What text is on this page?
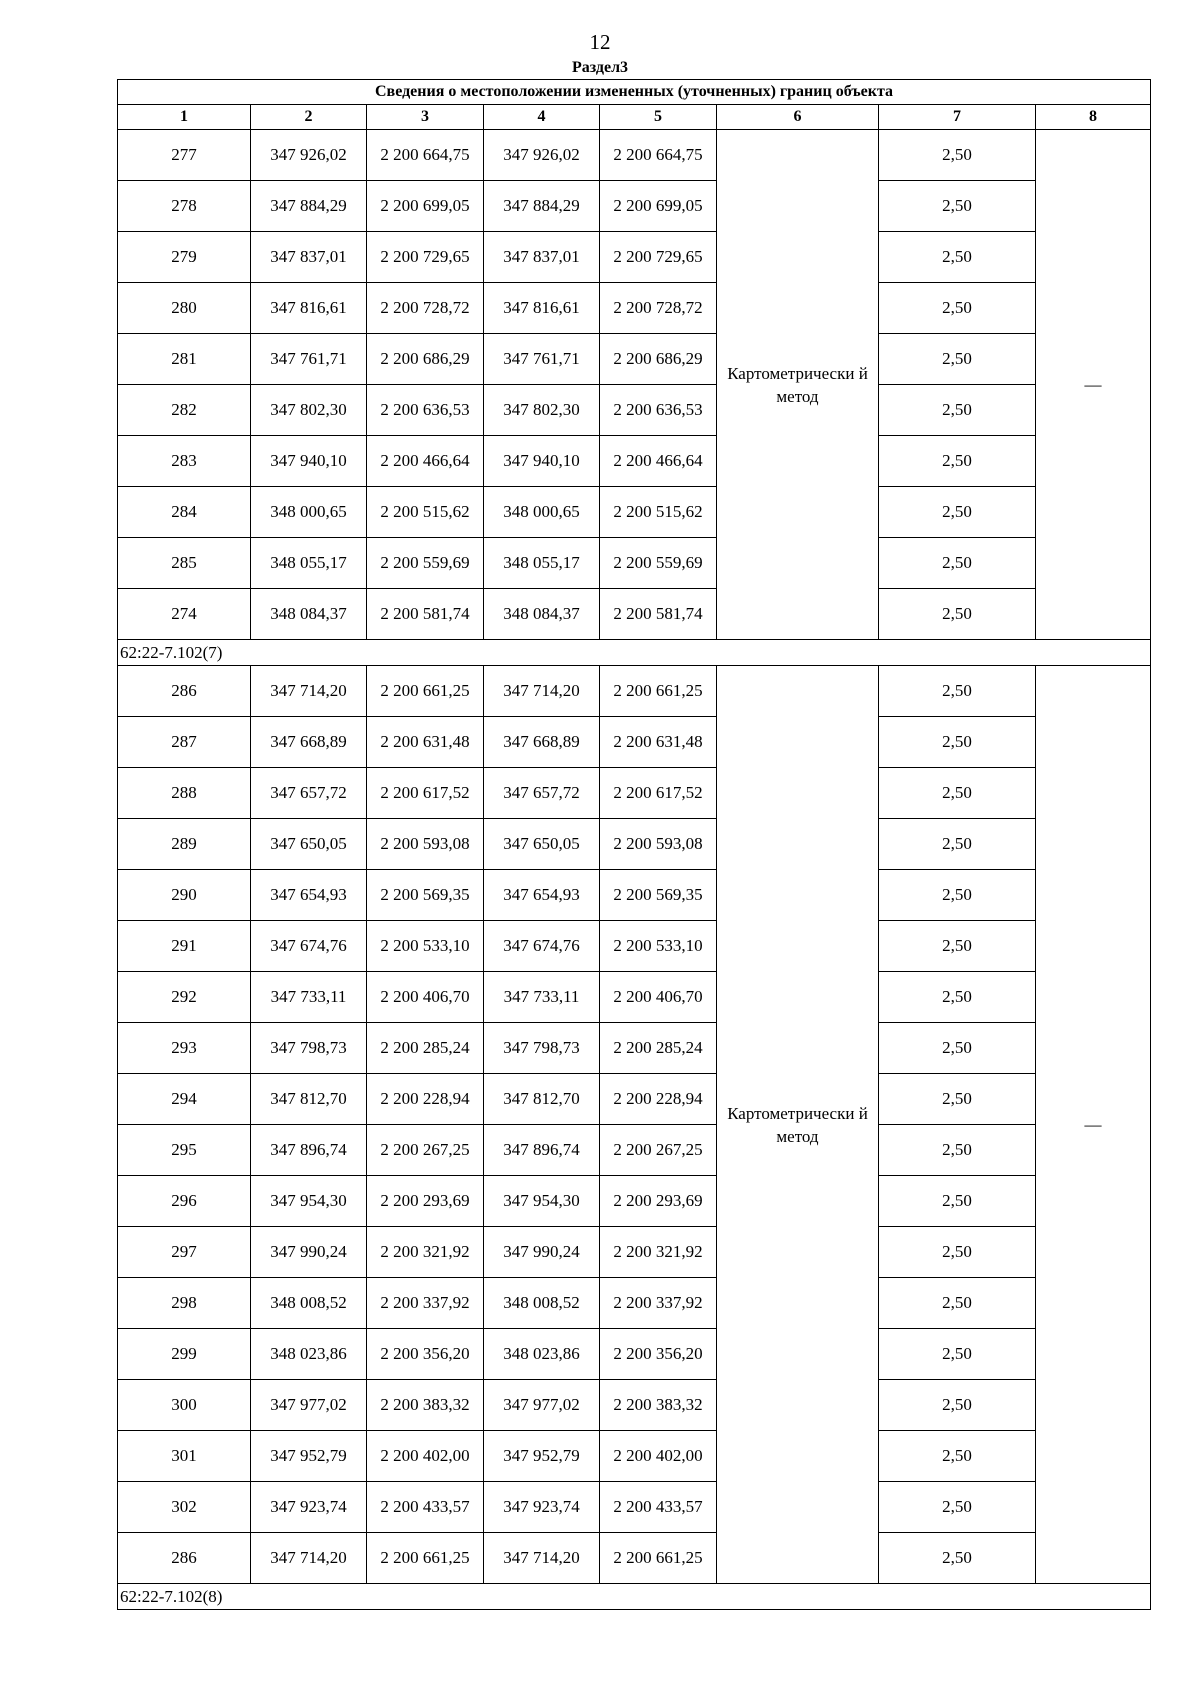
12
Раздел3
Сведения о местоположении измененных (уточненных) границ объекта							
1	2	3	4	5	6	7	8
277	347 926,02	2 200 664,75	347 926,02	2 200 664,75	Картометрически й метод	2,50	—
278	347 884,29	2 200 699,05	347 884,29	2 200 699,05		2,50	
279	347 837,01	2 200 729,65	347 837,01	2 200 729,65		2,50	
280	347 816,61	2 200 728,72	347 816,61	2 200 728,72		2,50	
281	347 761,71	2 200 686,29	347 761,71	2 200 686,29		2,50	
282	347 802,30	2 200 636,53	347 802,30	2 200 636,53		2,50	
283	347 940,10	2 200 466,64	347 940,10	2 200 466,64		2,50	
284	348 000,65	2 200 515,62	348 000,65	2 200 515,62		2,50	
285	348 055,17	2 200 559,69	348 055,17	2 200 559,69		2,50	
274	348 084,37	2 200 581,74	348 084,37	2 200 581,74		2,50	
62:22-7.102(7)							
286	347 714,20	2 200 661,25	347 714,20	2 200 661,25	Картометрически й метод	2,50	—
287	347 668,89	2 200 631,48	347 668,89	2 200 631,48		2,50	
288	347 657,72	2 200 617,52	347 657,72	2 200 617,52		2,50	
289	347 650,05	2 200 593,08	347 650,05	2 200 593,08		2,50	
290	347 654,93	2 200 569,35	347 654,93	2 200 569,35		2,50	
291	347 674,76	2 200 533,10	347 674,76	2 200 533,10		2,50	
292	347 733,11	2 200 406,70	347 733,11	2 200 406,70		2,50	
293	347 798,73	2 200 285,24	347 798,73	2 200 285,24		2,50	
294	347 812,70	2 200 228,94	347 812,70	2 200 228,94		2,50	
295	347 896,74	2 200 267,25	347 896,74	2 200 267,25		2,50	
296	347 954,30	2 200 293,69	347 954,30	2 200 293,69		2,50	
297	347 990,24	2 200 321,92	347 990,24	2 200 321,92		2,50	
298	348 008,52	2 200 337,92	348 008,52	2 200 337,92		2,50	
299	348 023,86	2 200 356,20	348 023,86	2 200 356,20		2,50	
300	347 977,02	2 200 383,32	347 977,02	2 200 383,32		2,50	
301	347 952,79	2 200 402,00	347 952,79	2 200 402,00		2,50	
302	347 923,74	2 200 433,57	347 923,74	2 200 433,57		2,50	
286	347 714,20	2 200 661,25	347 714,20	2 200 661,25		2,50	
62:22-7.102(8)							
